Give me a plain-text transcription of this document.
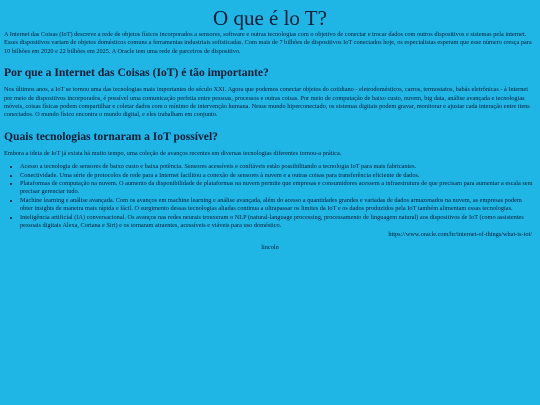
O que é lo T?

A Internet das Coisas (IoT) descreve a rede de objetos físicos incorporados a sensores, software e outras tecnologias com o objetivo de conectar e trocar dados com outros dispositivos e sistemas pela internet. Esses dispositivos variam de objetos domésticos comuns a ferramentas industriais sofisticadas. Com mais de 7 bilhões de dispositivos IoT conectados hoje, os especialistas esperam que esse número cresça para 10 bilhões em 2020 e 22 bilhões em 2025. A Oracle tem uma rede de parceiros de dispositivo.

Por que a Internet das Coisas (IoT) é tão importante?

Nos últimos anos, a IoT se tornou uma das tecnologias mais importantes do século XXI. Agora que podemos conectar objetos do cotidiano - eletrodomésticos, carros, termostatos, babás eletrônicas - à Internet por meio de dispositivos incorporados, é possível uma comunicação perfeita entre pessoas, processos e outras coisas. Por meio de computação de baixo custo, nuvem, big data, análise avançada e tecnologias móveis, coisas físicas podem compartilhar e coletar dados com o mínimo de intervenção humana. Nesse mundo hiperconectado, os sistemas digitais podem gravar, monitorar e ajustar cada interação entre itens conectados. O mundo físico encontra o mundo digital, e eles trabalham em conjunto.

Quais tecnologias tornaram a IoT possível?

Embora a ideia de IoT já exista há muito tempo, uma coleção de avanços recentes em diversas tecnologias diferentes tornou-a prática.

• Acesso a tecnologia de sensores de baixo custo e baixa potência. Sensores acessíveis e confiáveis estão possibilitando a tecnologia IoT para mais fabricantes.
• Conectividade. Uma série de protocolos de rede para a Internet facilitou a conexão de sensores à nuvem e a outras coisas para transferência eficiente de dados.
• Plataformas de computação na nuvem. O aumento da disponibilidade de plataformas na nuvem permite que empresas e consumidores acessem a infraestrutura de que precisam para aumentar a escala sem precisar gerenciar tudo.
• Machine learning e análise avançada. Com os avanços em machine learning e análise avançada, além do acesso a quantidades grandes e variadas de dados armazenados na nuvem, as empresas podem obter insights de maneira mais rápida e fácil. O surgimento dessas tecnologias aliadas continua a ultrapassar os limites da IoT e os dados produzidos pela IoT também alimentam essas tecnologias.
• Inteligência artificial (IA) conversacional. Os avanços nas redes neurais trouxeram o NLP (natural-language processing, processamento de linguagem natural) aos dispositivos de IoT (como assistentes pessoais digitais Alexa, Cortana e Siri) e os tornaram atraentes, acessíveis e viáveis para uso doméstico.
https://www.oracle.com/br/internet-of-things/what-is-iot/
lincoln
